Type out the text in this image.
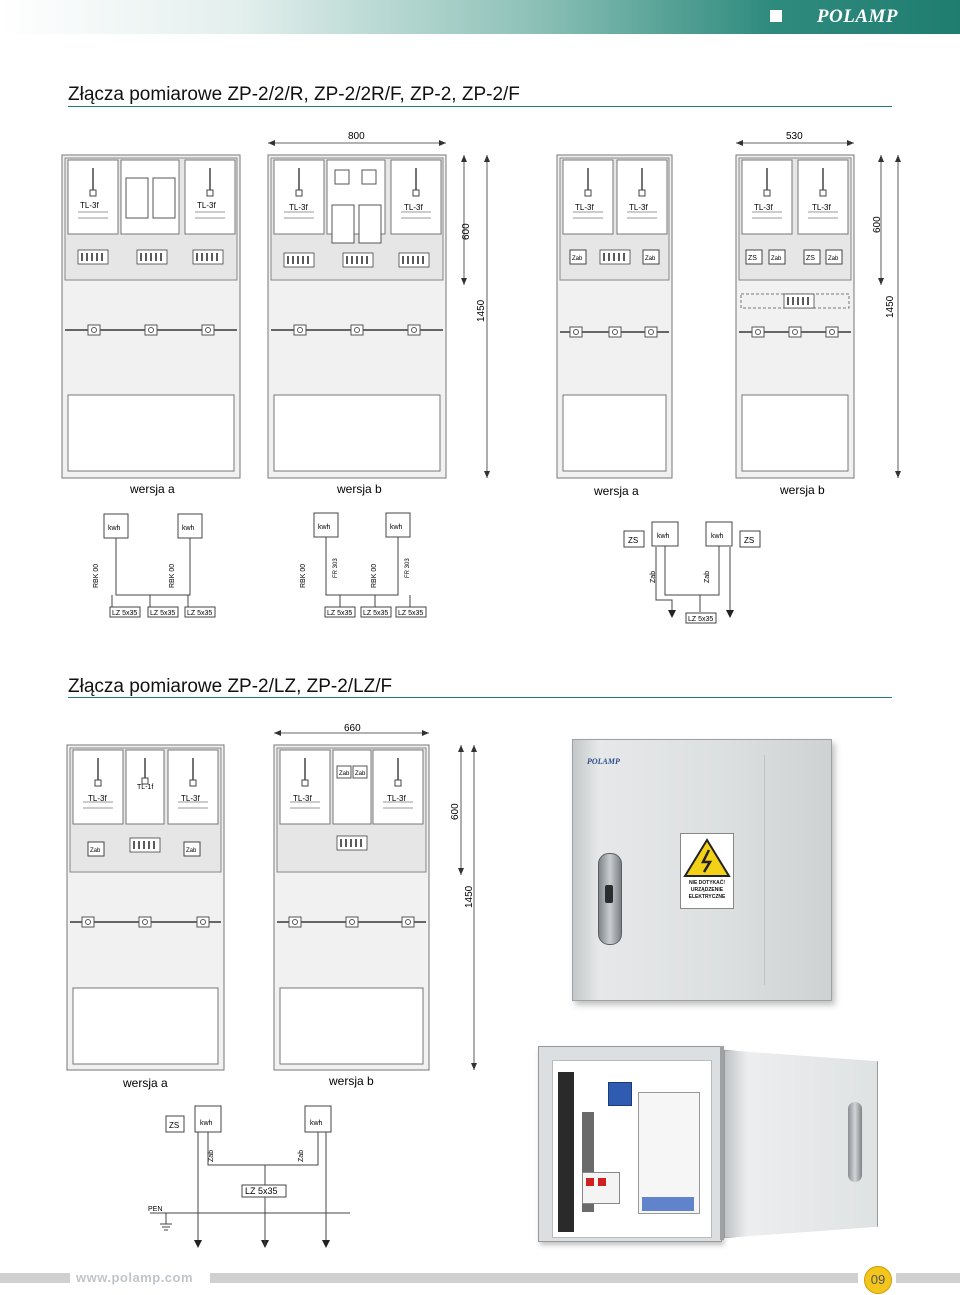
POLAMP
Złącza pomiarowe ZP-2/2/R, ZP-2/2R/F, ZP-2, ZP-2/F
TL-3f	TL-3f	TL-3f	TL-3f
800
600
1450
Zab	Zab
TL-3f	TL-3f
ZS Zab	ZS Zab
TL-3f	TL-3f
530
600
1450
wersja a	wersja b	wersja a	wersja b
kwh	kwh
RBK 00	RBK 00
LZ 5x35 LZ 5x35 LZ 5x35
kwh	kwh
RBK 00	FR 303	RBK 00	FR 303
LZ 5x35 LZ 5x35 LZ 5x35
ZS	kwh	kwh	ZS
Zab	Zab
LZ 5x35
Złącza pomiarowe ZP-2/LZ, ZP-2/LZ/F
Zab	Zab
TL-3f
TL-1f
TL-3f
Zab Zab
TL-3f	TL-3f
660
600
1450
wersja a	wersja b
ZS	kwh	kwh
Zab	Zab
LZ 5x35
PEN
POLAMP
NIE DOTYKAĆ!
URZĄDZENIE
ELEKTRYCZNE
www.polamp.com	09
